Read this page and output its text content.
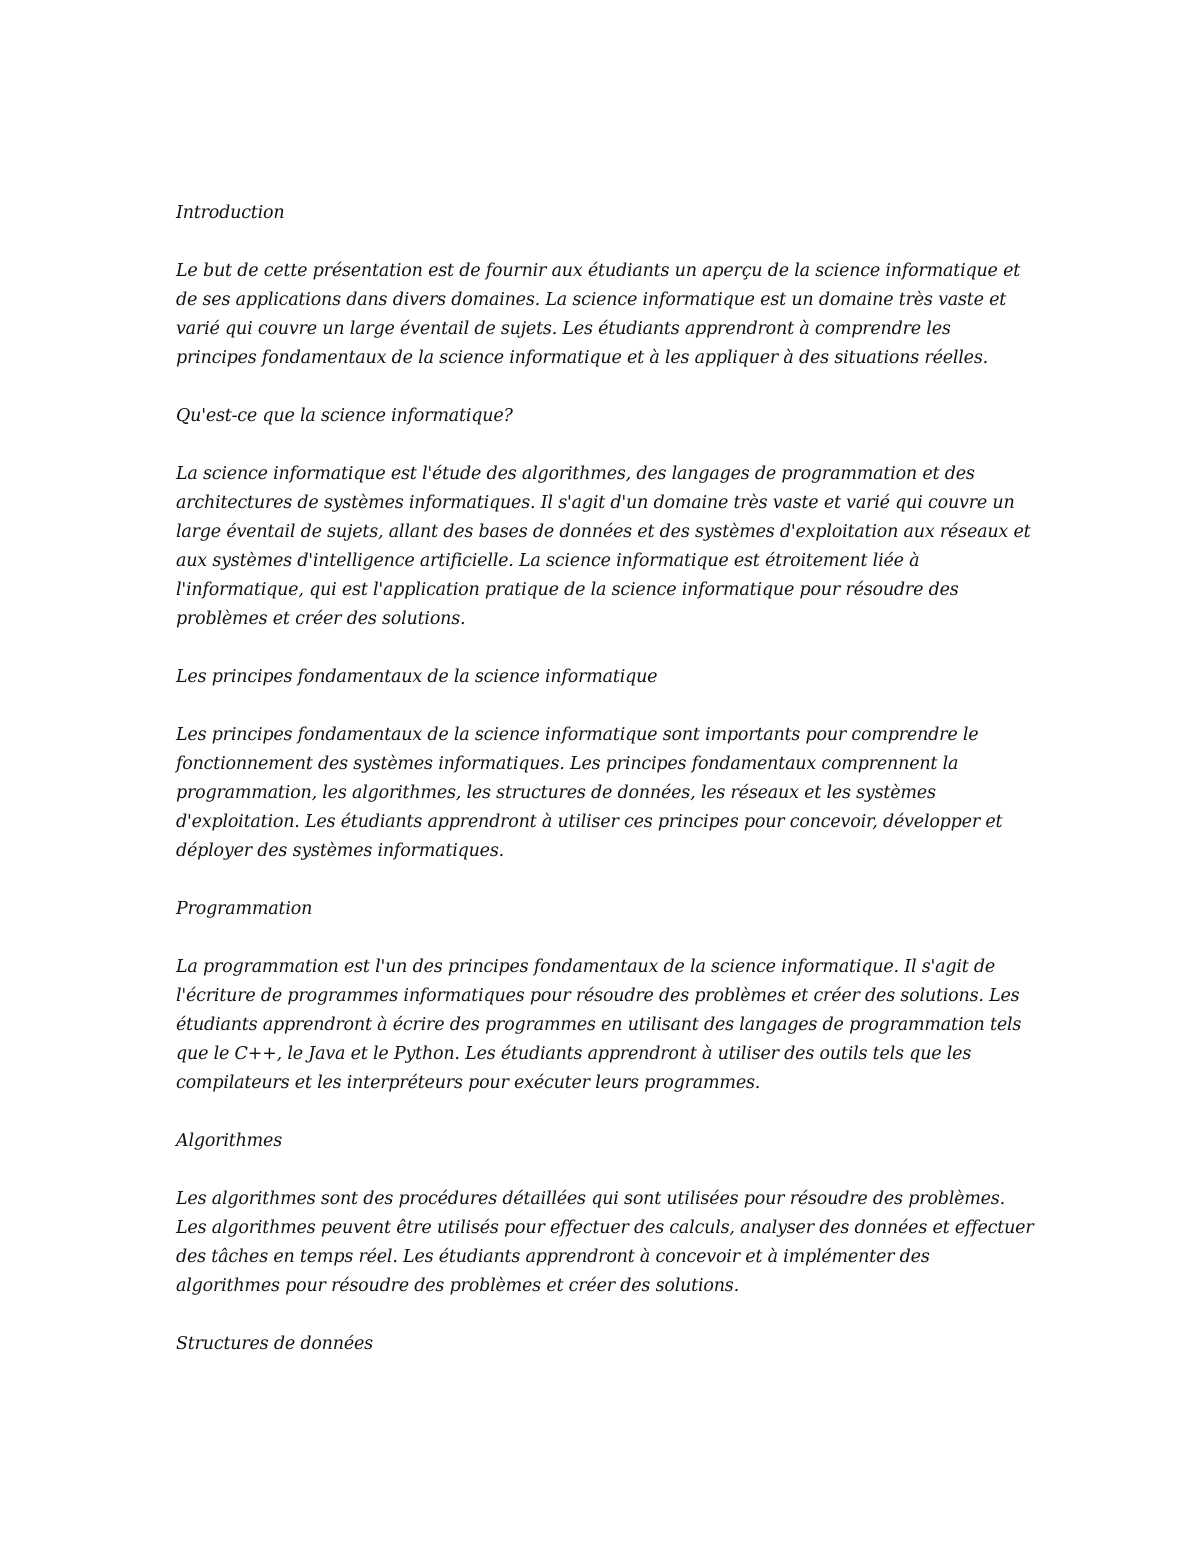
Introduction

Le but de cette présentation est de fournir aux étudiants un aperçu de la science informatique et de ses applications dans divers domaines. La science informatique est un domaine très vaste et varié qui couvre un large éventail de sujets. Les étudiants apprendront à comprendre les principes fondamentaux de la science informatique et à les appliquer à des situations réelles.

Qu'est-ce que la science informatique?

La science informatique est l'étude des algorithmes, des langages de programmation et des architectures de systèmes informatiques. Il s'agit d'un domaine très vaste et varié qui couvre un large éventail de sujets, allant des bases de données et des systèmes d'exploitation aux réseaux et aux systèmes d'intelligence artificielle. La science informatique est étroitement liée à l'informatique, qui est l'application pratique de la science informatique pour résoudre des problèmes et créer des solutions.

Les principes fondamentaux de la science informatique

Les principes fondamentaux de la science informatique sont importants pour comprendre le fonctionnement des systèmes informatiques. Les principes fondamentaux comprennent la programmation, les algorithmes, les structures de données, les réseaux et les systèmes d'exploitation. Les étudiants apprendront à utiliser ces principes pour concevoir, développer et déployer des systèmes informatiques.

Programmation

La programmation est l'un des principes fondamentaux de la science informatique. Il s'agit de l'écriture de programmes informatiques pour résoudre des problèmes et créer des solutions. Les étudiants apprendront à écrire des programmes en utilisant des langages de programmation tels que le C++, le Java et le Python. Les étudiants apprendront à utiliser des outils tels que les compilateurs et les interpréteurs pour exécuter leurs programmes.

Algorithmes

Les algorithmes sont des procédures détaillées qui sont utilisées pour résoudre des problèmes. Les algorithmes peuvent être utilisés pour effectuer des calculs, analyser des données et effectuer des tâches en temps réel. Les étudiants apprendront à concevoir et à implémenter des algorithmes pour résoudre des problèmes et créer des solutions.

Structures de données
